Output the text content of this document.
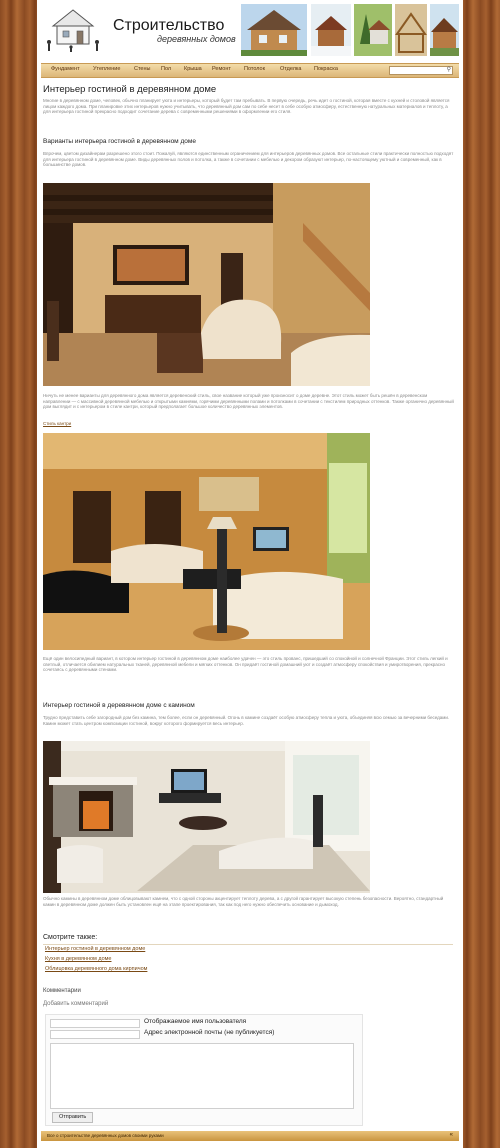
Строительство
деревянных домов
Фундамент Утепление Стены Пол Крыша Ремонт Потолок	Отделка Покраска	⚲
Интерьер гостиной в деревянном доме
Многие в деревянном доме, человек, обычно планирует уюта и интерьеры, который будет там пребывать. В первую очередь, речь идет о гостиной, которая вместе с кухней и столовой является лицом каждого дома. При планировке этих интерьеров нужно учитывать, что деревянный дом сам по себе несет в себе особую атмосферу, естественную натуральных материалов и теплоту, а для интерьера гостиной прекрасно подходит сочетание дерева с современными решениями в оформлении его стиля.
Варианты интерьера гостиной в деревянном доме
Впрочем, цветом дизайнерам разрешено этого стоит. Пожалуй, являются единственным ограничением для интерьеров деревянных домов. Все остальные стили практически полностью подходят для интерьера гостиной в деревянном доме. Виды деревянных полов и потолка, а также в сочетании с мебелью и декором образуют интерьер, по-настоящему уютный и современный, как в большинстве домов.
Ничуть не менее варианты для деревянного дома является деревенский стиль, свое название который уже произносит о доме деревне. Этот стиль может быть решён в деревенском направлении — с массивной деревянной мебелью и открытыми камнями, горячими деревянными полами и потолками в сочетании с текстилем природных оттенков. Также органично деревянный дом выглядит и с интерьером в стиле кантри, который предполагает большое количество деревянных элементов.
Стиль кантри
Ещё один велосипедный вариант, в котором интерьер гостиной в деревянном доме наиболее удачен — это стиль прованс, пришедший со спокойной и солнечной Франции. Этот стиль легкий и светлый, отличается обилием натуральных тканей, деревянной мебели и мягких оттенков. Он придаёт гостиной домашний уют и создаёт атмосферу спокойствия и умиротворения, прекрасно сочетаясь с деревянными стенами.
Интерьер гостиной в деревянном доме с камином
Трудно представить себе загородный дом без камина, тем более, если он деревянный. Огонь в камине создаёт особую атмосферу тепла и уюта, объединяя всю семью за вечерними беседами. Камин может стать центром композиции гостиной, вокруг которого формируется весь интерьер.
Обычно камины в деревянном доме облицовывают камнем, что с одной стороны акцентирует теплоту дерева, а с другой гарантирует высокую степень безопасности. Вероятно, стандартный камин в деревянном доме должен быть установлен ещё на этапе проектирования, так как под него нужно обеспечить основание и дымоход.
Смотрите также:
Интерьер гостиной в деревянном доме
Кухня в деревянном доме
Облицовка деревянного дома кирпичом
Комментарии
Добавить комментарий
Отображаемое имя пользователя
Адрес электронной почты (не публикуется)
Отправить
Все о строительстве деревянных домов своими руками	«
